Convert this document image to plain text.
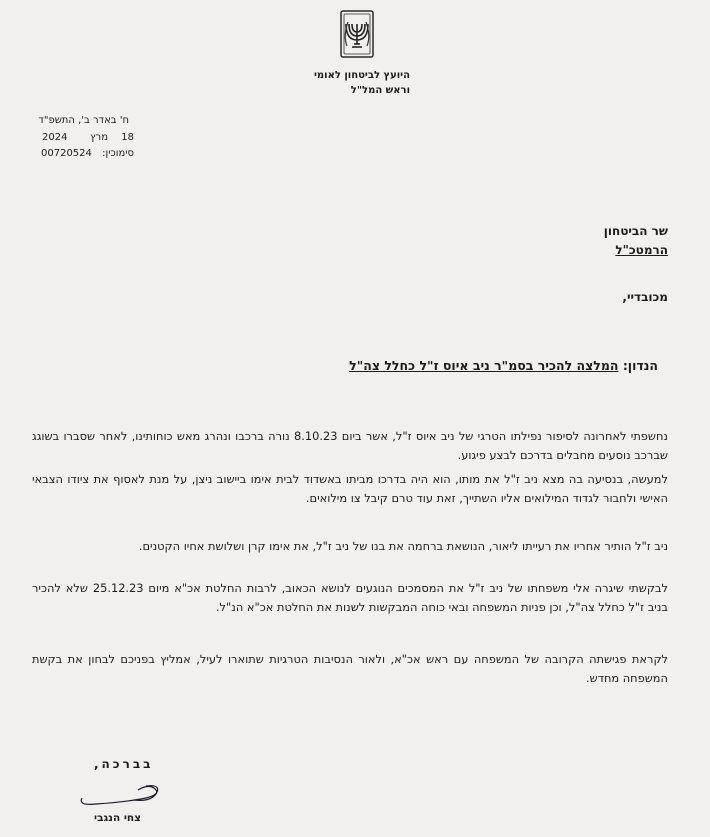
היועץ לביטחון לאומי
וראש המל"ל
ח' באדר ב', התשפ"ד
18
מרץ
2024
סימוכין:
00720524
שר הביטחון
הרמטכ"ל
מכובדיי,
הנדון: המלצה להכיר בסמ"ר ניב איוס ז"ל כחלל צה"ל
נחשפתי לאחרונה לסיפור נפילתו הטרגי של ניב איוס ז"ל, אשר ביום 8.10.23 נורה ברכבו ונהרג מאש כוחותינו, לאחר שסברו בשוגג שברכב נוסעים מחבלים בדרכם לבצע פיגוע.
למעשה, בנסיעה בה מצא ניב ז"ל את מותו, הוא היה בדרכו מביתו באשדוד לבית אימו ביישוב ניצן, על מנת לאסוף את ציודו הצבאי האישי ולחבור לגדוד המילואים אליו השתייך, זאת עוד טרם קיבל צו מילואים.
ניב ז"ל הותיר אחריו את רעייתו ליאור, הנושאת ברחמה את בנו של ניב ז"ל, את אימו קרן ושלושת אחיו הקטנים.
לבקשתי שיגרה אלי משפחתו של ניב ז"ל את המסמכים הנוגעים לנושא הכאוב, לרבות החלטת אכ"א מיום 25.12.23 שלא להכיר בניב ז"ל כחלל צה"ל, וכן פניות המשפחה ובאי כוחה המבקשות לשנות את החלטת אכ"א הנ"ל.
לקראת פגישתה הקרובה של המשפחה עם ראש אכ"א, ולאור הנסיבות הטרגיות שתוארו לעיל, אמליץ בפניכם לבחון את בקשת המשפחה מחדש.
בברכה,
צחי הנגבי
